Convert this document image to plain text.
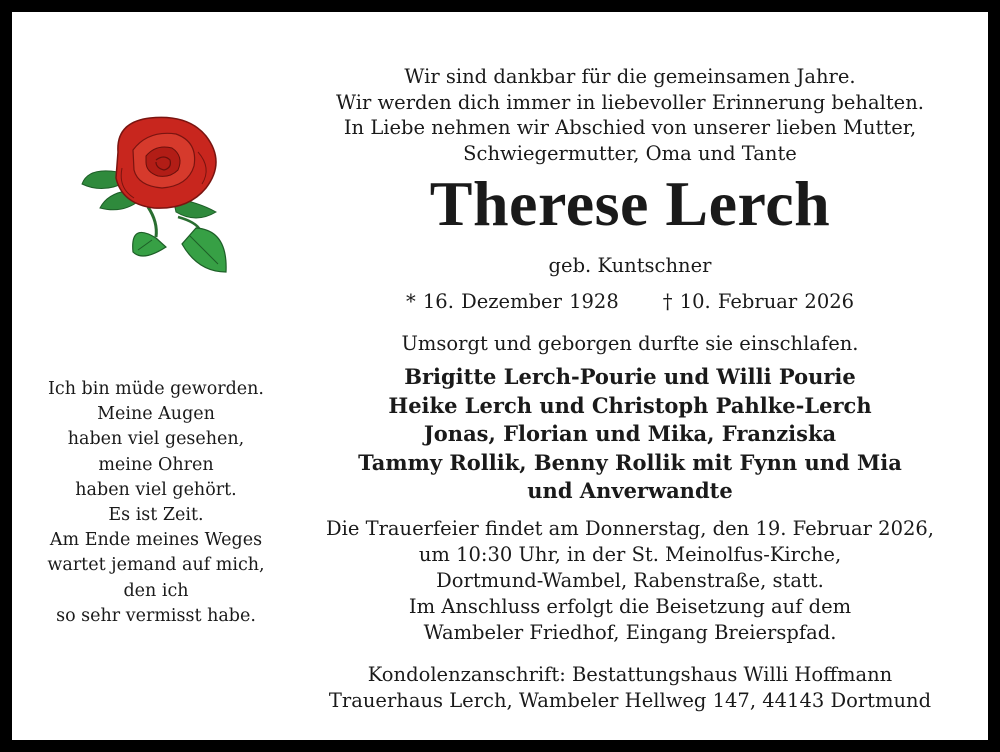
Ich bin müde geworden.
Meine Augen
haben viel gesehen,
meine Ohren
haben viel gehört.
Es ist Zeit.
Am Ende meines Weges
wartet jemand auf mich,
den ich
so sehr vermisst habe.
Wir sind dankbar für die gemeinsamen Jahre.
Wir werden dich immer in liebevoller Erinnerung behalten.
In Liebe nehmen wir Abschied von unserer lieben Mutter,
Schwiegermutter, Oma und Tante
Therese Lerch
geb. Kuntschner
* 16. Dezember 1928 † 10. Februar 2026
Umsorgt und geborgen durfte sie einschlafen.
Brigitte Lerch-Pourie und Willi Pourie
Heike Lerch und Christoph Pahlke-Lerch
Jonas, Florian und Mika, Franziska
Tammy Rollik, Benny Rollik mit Fynn und Mia
und Anverwandte
Die Trauerfeier findet am Donnerstag, den 19. Februar 2026,
um 10:30 Uhr, in der St. Meinolfus-Kirche,
Dortmund-Wambel, Rabenstraße, statt.
Im Anschluss erfolgt die Beisetzung auf dem
Wambeler Friedhof, Eingang Breierspfad.
Kondolenzanschrift: Bestattungshaus Willi Hoffmann
Trauerhaus Lerch, Wambeler Hellweg 147, 44143 Dortmund
